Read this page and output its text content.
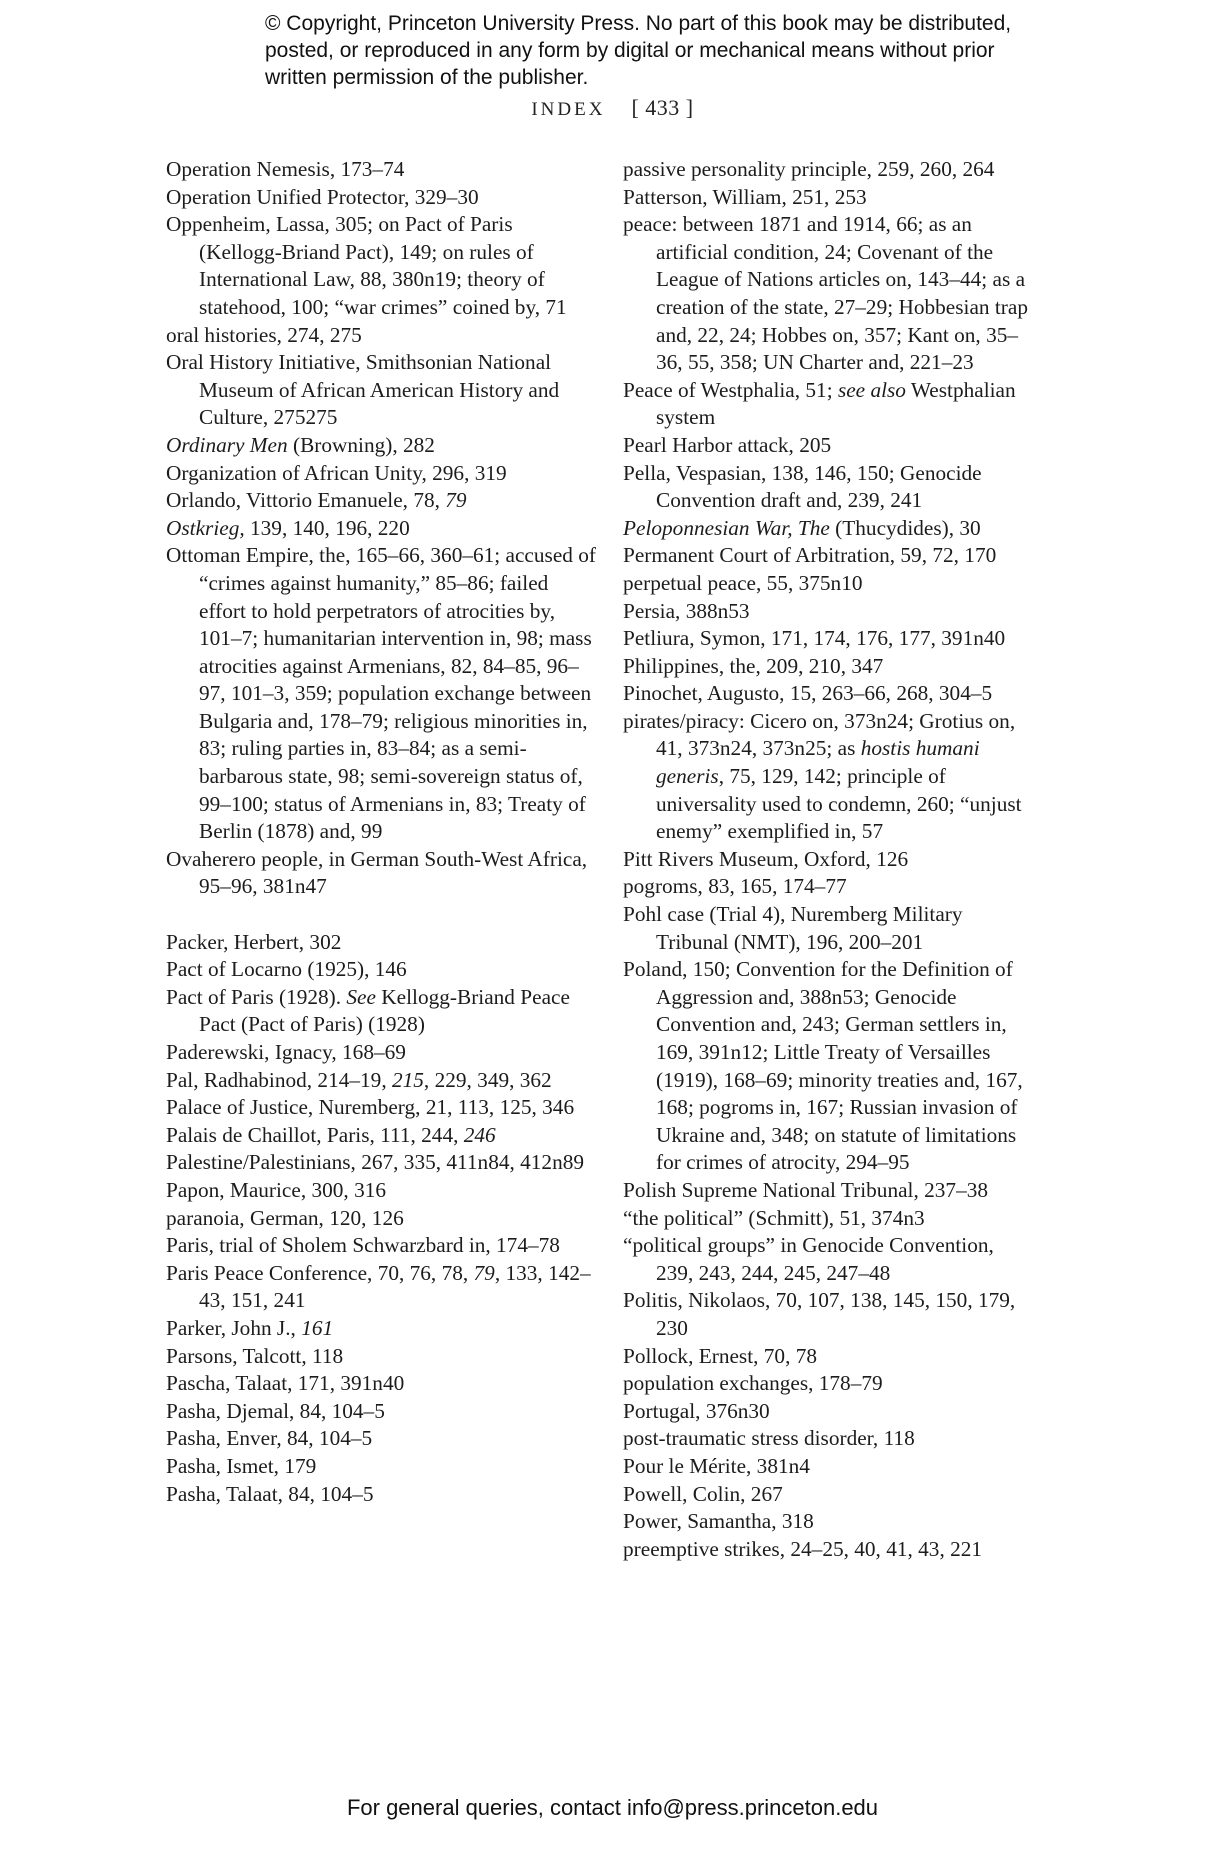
© Copyright, Princeton University Press. No part of this book may be distributed, posted, or reproduced in any form by digital or mechanical means without prior written permission of the publisher.
INDEX [ 433 ]

Operation Nemesis, 173–74

Operation Unified Protector, 329–30

Oppenheim, Lassa, 305; on Pact of Paris (Kellogg-Briand Pact), 149; on rules of International Law, 88, 380n19; theory of statehood, 100; “war crimes” coined by, 71

oral histories, 274, 275

Oral History Initiative, Smithsonian National Museum of African American History and Culture, 275275

Ordinary Men (Browning), 282

Organization of African Unity, 296, 319

Orlando, Vittorio Emanuele, 78, 79

Ostkrieg, 139, 140, 196, 220

Ottoman Empire, the, 165–66, 360–61; accused of “crimes against humanity,” 85–86; failed effort to hold perpetrators of atrocities by, 101–7; humanitarian intervention in, 98; mass atrocities against Armenians, 82, 84–85, 96–97, 101–3, 359; population exchange between Bulgaria and, 178–79; religious minorities in, 83; ruling parties in, 83–84; as a semi-barbarous state, 98; semi-sovereign status of, 99–100; status of Armenians in, 83; Treaty of Berlin (1878) and, 99

Ovaherero people, in German South-West Africa, 95–96, 381n47

Packer, Herbert, 302

Pact of Locarno (1925), 146

Pact of Paris (1928). See Kellogg-Briand Peace Pact (Pact of Paris) (1928)

Paderewski, Ignacy, 168–69

Pal, Radhabinod, 214–19, 215, 229, 349, 362

Palace of Justice, Nuremberg, 21, 113, 125, 346

Palais de Chaillot, Paris, 111, 244, 246

Palestine/Palestinians, 267, 335, 411n84, 412n89

Papon, Maurice, 300, 316

paranoia, German, 120, 126

Paris, trial of Sholem Schwarzbard in, 174–78

Paris Peace Conference, 70, 76, 78, 79, 133, 142–43, 151, 241

Parker, John J., 161

Parsons, Talcott, 118

Pascha, Talaat, 171, 391n40

Pasha, Djemal, 84, 104–5

Pasha, Enver, 84, 104–5

Pasha, Ismet, 179

Pasha, Talaat, 84, 104–5

passive personality principle, 259, 260, 264

Patterson, William, 251, 253

peace: between 1871 and 1914, 66; as an artificial condition, 24; Covenant of the League of Nations articles on, 143–44; as a creation of the state, 27–29; Hobbesian trap and, 22, 24; Hobbes on, 357; Kant on, 35–36, 55, 358; UN Charter and, 221–23

Peace of Westphalia, 51; see also Westphalian system

Pearl Harbor attack, 205

Pella, Vespasian, 138, 146, 150; Genocide Convention draft and, 239, 241

Peloponnesian War, The (Thucydides), 30

Permanent Court of Arbitration, 59, 72, 170

perpetual peace, 55, 375n10

Persia, 388n53

Petliura, Symon, 171, 174, 176, 177, 391n40

Philippines, the, 209, 210, 347

Pinochet, Augusto, 15, 263–66, 268, 304–5

pirates/piracy: Cicero on, 373n24; Grotius on, 41, 373n24, 373n25; as hostis humani generis, 75, 129, 142; principle of universality used to condemn, 260; “unjust enemy” exemplified in, 57

Pitt Rivers Museum, Oxford, 126

pogroms, 83, 165, 174–77

Pohl case (Trial 4), Nuremberg Military Tribunal (NMT), 196, 200–201

Poland, 150; Convention for the Definition of Aggression and, 388n53; Genocide Convention and, 243; German settlers in, 169, 391n12; Little Treaty of Versailles (1919), 168–69; minority treaties and, 167, 168; pogroms in, 167; Russian invasion of Ukraine and, 348; on statute of limitations for crimes of atrocity, 294–95

Polish Supreme National Tribunal, 237–38

“the political” (Schmitt), 51, 374n3

“political groups” in Genocide Convention, 239, 243, 244, 245, 247–48

Politis, Nikolaos, 70, 107, 138, 145, 150, 179, 230

Pollock, Ernest, 70, 78

population exchanges, 178–79

Portugal, 376n30

post-traumatic stress disorder, 118

Pour le Mérite, 381n4

Powell, Colin, 267

Power, Samantha, 318

preemptive strikes, 24–25, 40, 41, 43, 221

For general queries, contact info@press.princeton.edu
